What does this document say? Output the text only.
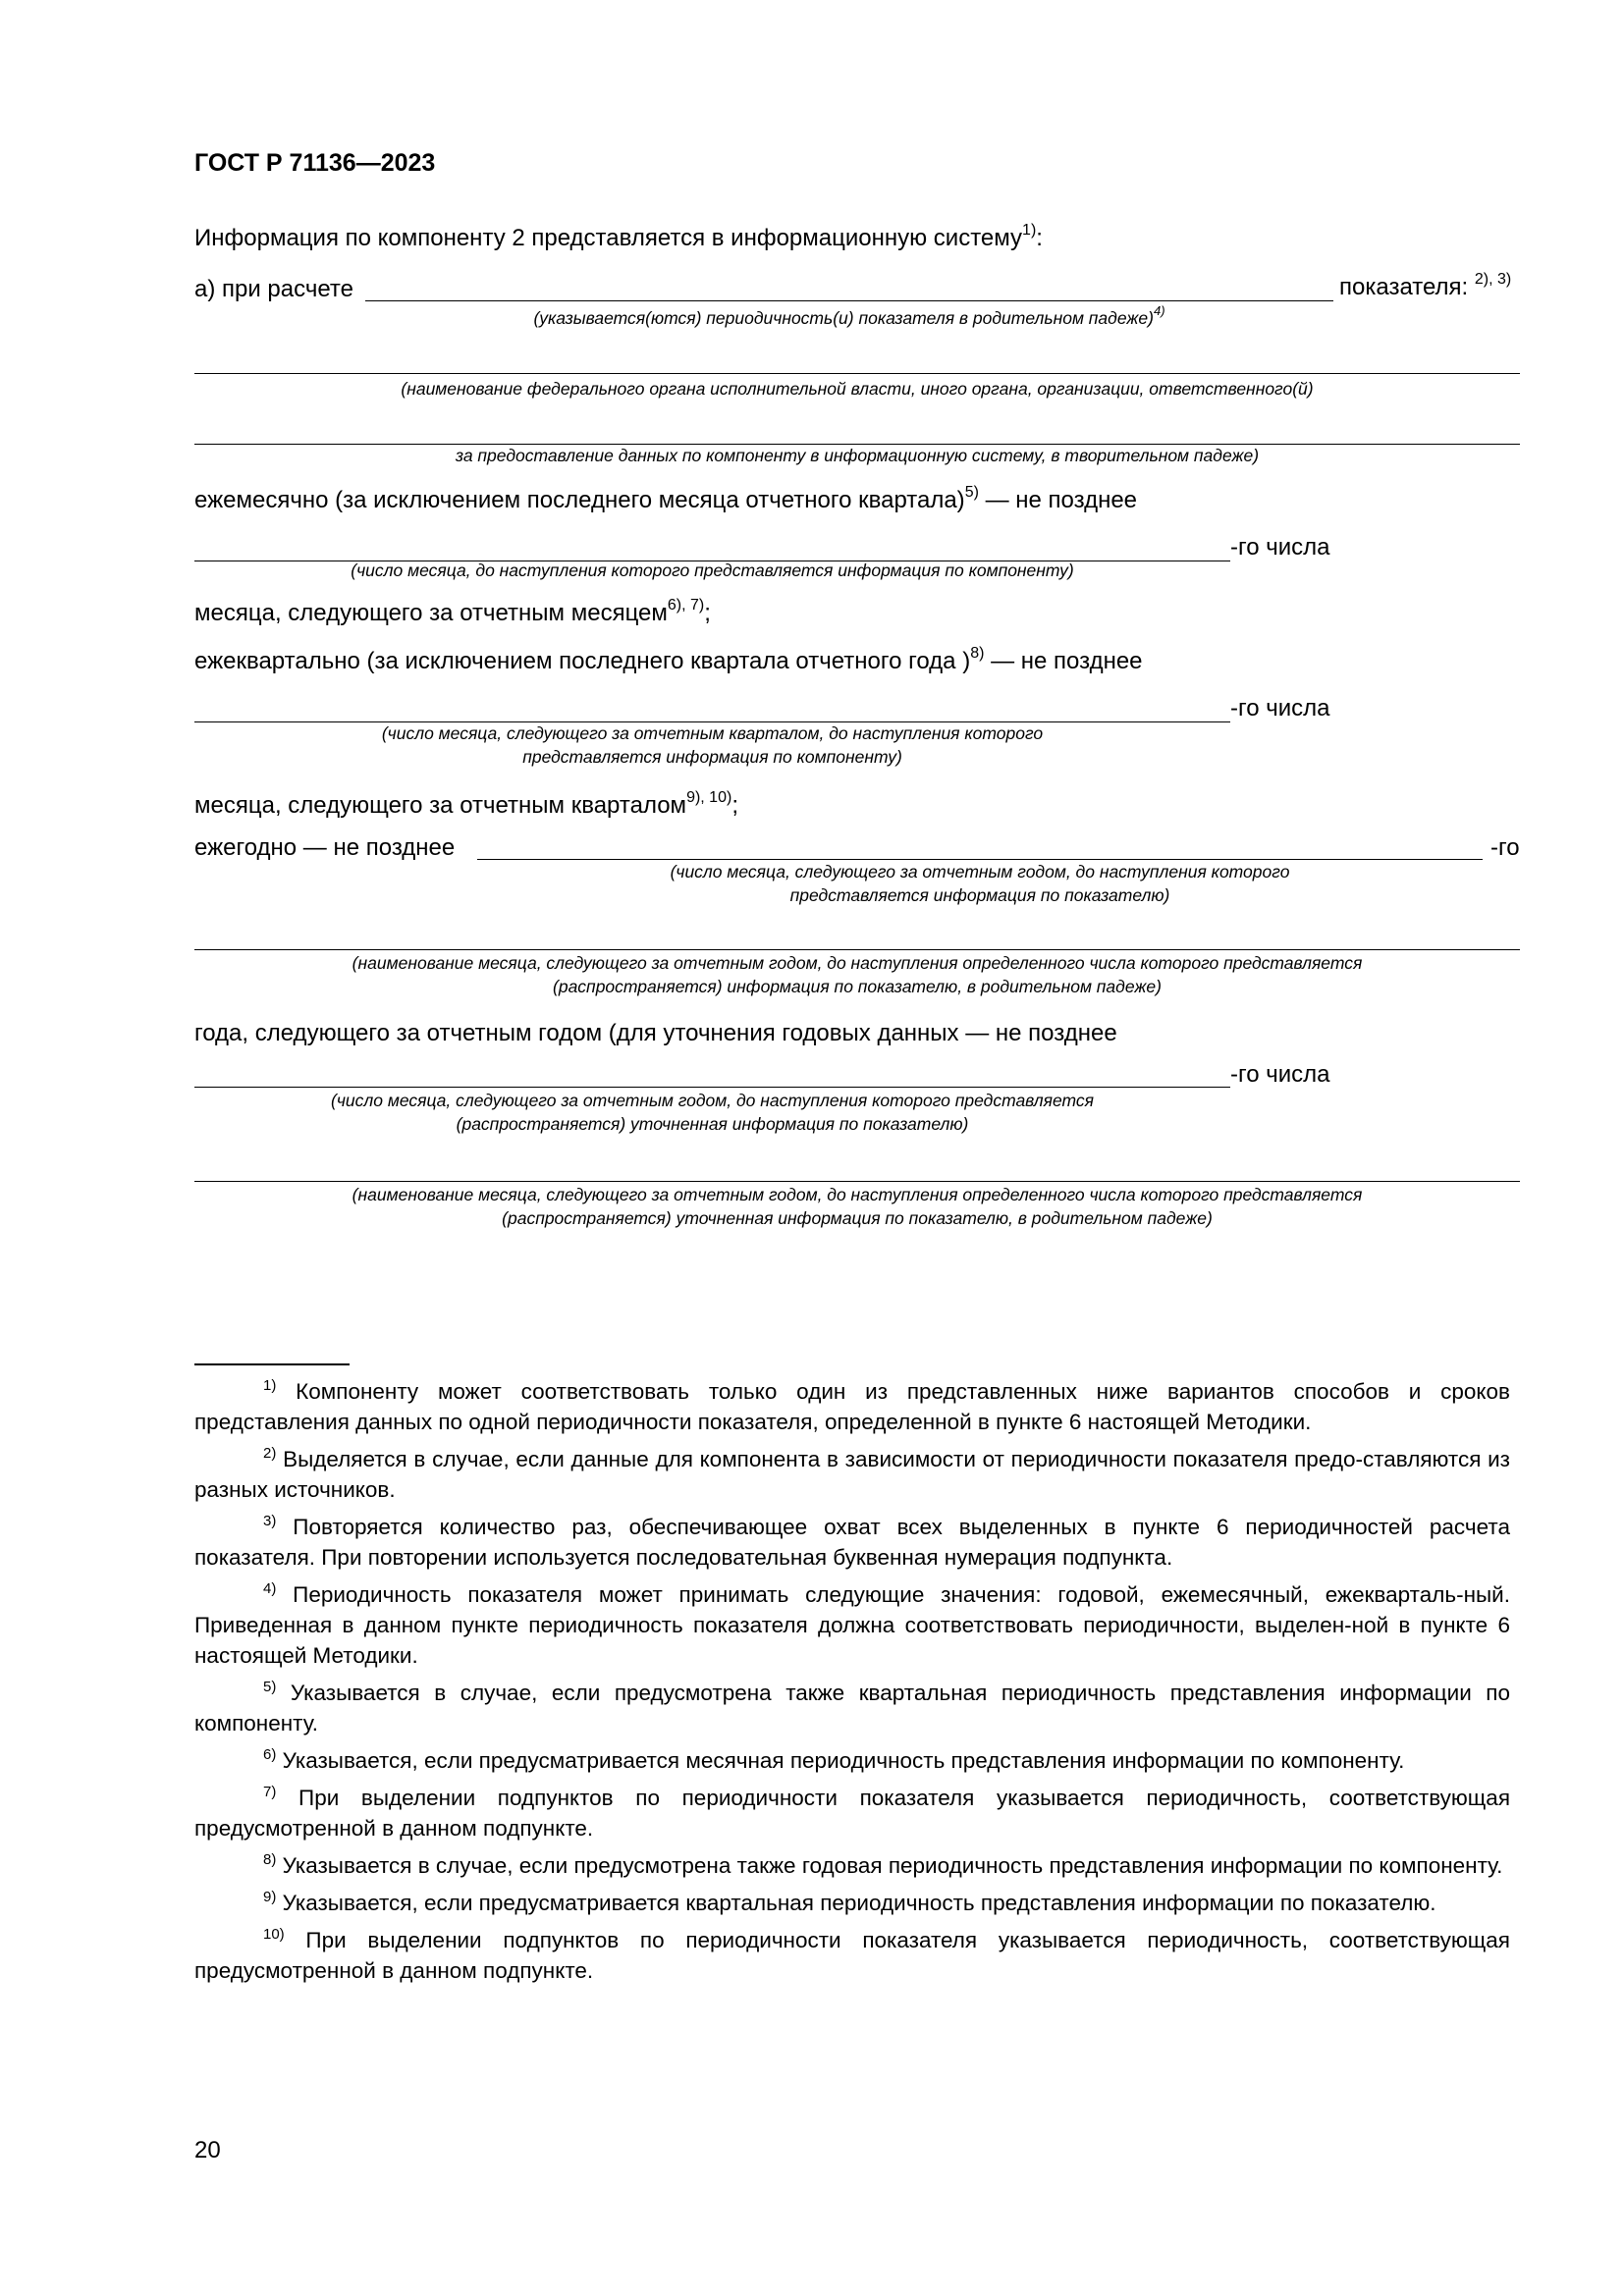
ГОСТ Р 71136—2023
Информация по компоненту 2 представляется в информационную систему$^{1)}$:
а) при расчете	показателя: $^{2), 3)}$
(указывается(ются) периодичность(и) показателя в родительном падеже)$^{4)}$
(наименование федерального органа исполнительной власти, иного органа, организации, ответственного(й)
за предоставление данных по компоненту в информационную систему, в творительном падеже)
ежемесячно (за исключением последнего месяца отчетного квартала)$^{5)}$ — не позднее
-го числа
(число месяца, до наступления которого представляется информация по компоненту)
месяца, следующего за отчетным месяцем$^{6), 7)}$;
ежеквартально (за исключением последнего квартала отчетного года )$^{8)}$ — не позднее
-го числа
(число месяца, следующего за отчетным кварталом, до наступления которого
представляется информация по компоненту)
месяца, следующего за отчетным кварталом$^{9), 10)}$;
ежегодно — не позднее	-го
(число месяца, следующего за отчетным годом, до наступления которого
представляется информация по показателю)
(наименование месяца, следующего за отчетным годом, до наступления определенного числа которого представляется
(распространяется) информация по показателю, в родительном падеже)
года, следующего за отчетным годом (для уточнения годовых данных — не позднее
-го числа
(число месяца, следующего за отчетным годом, до наступления которого представляется
(распространяется) уточненная информация по показателю)
(наименование месяца, следующего за отчетным годом, до наступления определенного числа которого представляется
(распространяется) уточненная информация по показателю, в родительном падеже)

$^{1)}$ Компоненту может соответствовать только один из представленных ниже вариантов способов и сроков представления данных по одной периодичности показателя, определенной в пункте 6 настоящей Методики.

$^{2)}$ Выделяется в случае, если данные для компонента в зависимости от периодичности показателя предо-ставляются из разных источников.

$^{3)}$ Повторяется количество раз, обеспечивающее охват всех выделенных в пункте 6 периодичностей расчета показателя. При повторении используется последовательная буквенная нумерация подпункта.

$^{4)}$ Периодичность показателя может принимать следующие значения: годовой, ежемесячный, ежекварталь-ный. Приведенная в данном пункте периодичность показателя должна соответствовать периодичности, выделен-ной в пункте 6 настоящей Методики.

$^{5)}$ Указывается в случае, если предусмотрена также квартальная периодичность представления информации по компоненту.

$^{6)}$ Указывается, если предусматривается месячная периодичность представления информации по компоненту.

$^{7)}$ При выделении подпунктов по периодичности показателя указывается периодичность, соответствующая предусмотренной в данном подпункте.

$^{8)}$ Указывается в случае, если предусмотрена также годовая периодичность представления информации по компоненту.

$^{9)}$ Указывается, если предусматривается квартальная периодичность представления информации по показателю.

$^{10)}$ При выделении подпунктов по периодичности показателя указывается периодичность, соответствующая предусмотренной в данном подпункте.

20
